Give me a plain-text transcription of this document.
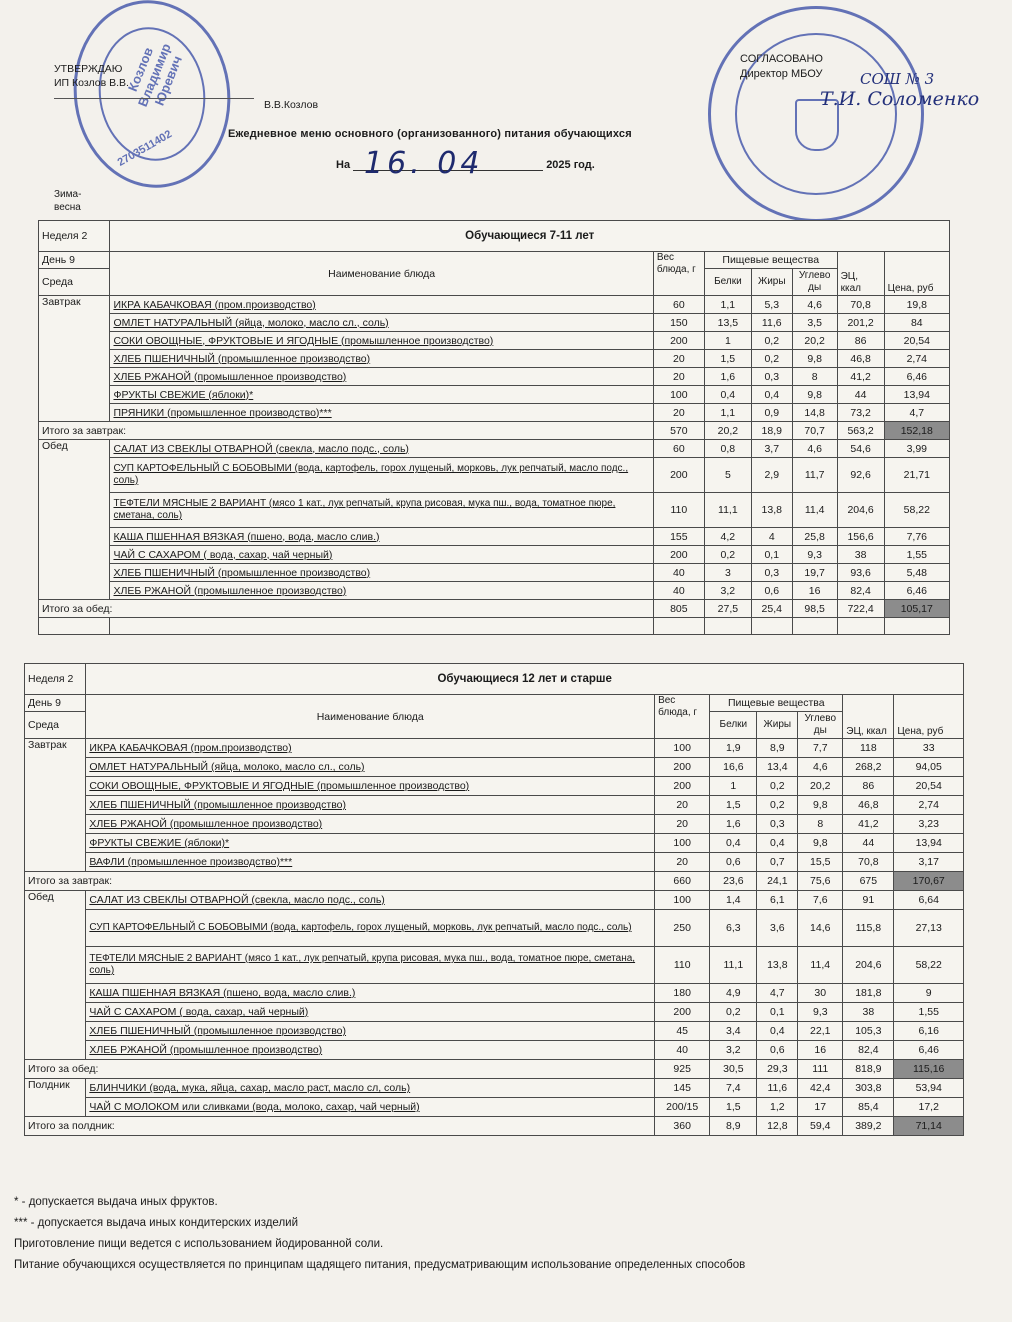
Козлов Владимир Юревич
270351140​2
УТВЕРЖДАЮ
ИП Козлов В.В.
В.В.Козлов
СОГЛАСОВАНО
Директор МБОУ СОШ № 3
Т.И. Соломенко
Ежедневное меню основного (организованного) питания обучающихся
На	2025 год.
16. 04
Зима-
весна
Неделя 2	Обучающиеся 7-11 лет						
День 9	Наименование блюда	Вес блюда, г	Пищевые вещества			ЭЦ, ккал	Цена, руб
Среда			Белки	Жиры	Углево ды		
Завтрак	ИКРА КАБАЧКОВАЯ (пром.производство)	60	1,1	5,3	4,6	70,8	19,8
	ОМЛЕТ НАТУРАЛЬНЫЙ (яйца, молоко, масло сл., соль)	150	13,5	11,6	3,5	201,2	84
	СОКИ ОВОЩНЫЕ, ФРУКТОВЫЕ И ЯГОДНЫЕ (промышленное производство)	200	1	0,2	20,2	86	20,54
	ХЛЕБ ПШЕНИЧНЫЙ (промышленное производство)	20	1,5	0,2	9,8	46,8	2,74
	ХЛЕБ РЖАНОЙ (промышленное производство)	20	1,6	0,3	8	41,2	6,46
	ФРУКТЫ СВЕЖИЕ (яблоки)*	100	0,4	0,4	9,8	44	13,94
	ПРЯНИКИ (промышленное производство)***	20	1,1	0,9	14,8	73,2	4,7
Итого за завтрак:		570	20,2	18,9	70,7	563,2	152,18
Обед	САЛАТ ИЗ СВЕКЛЫ ОТВАРНОЙ (свекла, масло подс., соль)	60	0,8	3,7	4,6	54,6	3,99
	СУП КАРТОФЕЛЬНЫЙ С БОБОВЫМИ (вода, картофель, горох лущеный, морковь, лук репчатый, масло подс., соль)	200	5	2,9	11,7	92,6	21,71
	ТЕФТЕЛИ МЯСНЫЕ 2 ВАРИАНТ (мясо 1 кат., лук репчатый, крупа рисовая, мука пш., вода, томатное пюре, сметана, соль)	110	11,1	13,8	11,4	204,6	58,22
	КАША ПШЕННАЯ ВЯЗКАЯ (пшено, вода, масло слив.)	155	4,2	4	25,8	156,6	7,76
	ЧАЙ С САХАРОМ ( вода, сахар, чай черный)	200	0,2	0,1	9,3	38	1,55
	ХЛЕБ ПШЕНИЧНЫЙ (промышленное производство)	40	3	0,3	19,7	93,6	5,48
	ХЛЕБ РЖАНОЙ (промышленное производство)	40	3,2	0,6	16	82,4	6,46
Итого за обед:		805	27,5	25,4	98,5	722,4	105,17

Неделя 2	Обучающиеся 12 лет и старше						
День 9	Наименование блюда	Вес блюда, г	Пищевые вещества			ЭЦ, ккал	Цена, руб
Среда			Белки	Жиры	Углево ды		
Завтрак	ИКРА КАБАЧКОВАЯ (пром.производство)	100	1,9	8,9	7,7	118	33
	ОМЛЕТ НАТУРАЛЬНЫЙ (яйца, молоко, масло сл., соль)	200	16,6	13,4	4,6	268,2	94,05
	СОКИ ОВОЩНЫЕ, ФРУКТОВЫЕ И ЯГОДНЫЕ (промышленное производство)	200	1	0,2	20,2	86	20,54
	ХЛЕБ ПШЕНИЧНЫЙ (промышленное производство)	20	1,5	0,2	9,8	46,8	2,74
	ХЛЕБ РЖАНОЙ (промышленное производство)	20	1,6	0,3	8	41,2	3,23
	ФРУКТЫ СВЕЖИЕ (яблоки)*	100	0,4	0,4	9,8	44	13,94
	ВАФЛИ (промышленное производство)***	20	0,6	0,7	15,5	70,8	3,17
Итого за завтрак:		660	23,6	24,1	75,6	675	170,67
Обед	САЛАТ ИЗ СВЕКЛЫ ОТВАРНОЙ (свекла, масло подс., соль)	100	1,4	6,1	7,6	91	6,64
	СУП КАРТОФЕЛЬНЫЙ С БОБОВЫМИ (вода, картофель, горох лущеный, морковь, лук репчатый, масло подс., соль)	250	6,3	3,6	14,6	115,8	27,13
	ТЕФТЕЛИ МЯСНЫЕ 2 ВАРИАНТ (мясо 1 кат., лук репчатый, крупа рисовая, мука пш., вода, томатное пюре, сметана, соль)	110	11,1	13,8	11,4	204,6	58,22
	КАША ПШЕННАЯ ВЯЗКАЯ (пшено, вода, масло слив.)	180	4,9	4,7	30	181,8	9
	ЧАЙ С САХАРОМ ( вода, сахар, чай черный)	200	0,2	0,1	9,3	38	1,55
	ХЛЕБ ПШЕНИЧНЫЙ (промышленное производство)	45	3,4	0,4	22,1	105,3	6,16
	ХЛЕБ РЖАНОЙ (промышленное производство)	40	3,2	0,6	16	82,4	6,46
Итого за обед:		925	30,5	29,3	111	818,9	115,16
Полдник	БЛИНЧИКИ (вода, мука, яйца, сахар, масло раст, масло сл, соль)	145	7,4	11,6	42,4	303,8	53,94
	ЧАЙ С МОЛОКОМ или сливками (вода, молоко, сахар, чай черный)	200/15	1,5	1,2	17	85,4	17,2
Итого за полдник:		360	8,9	12,8	59,4	389,2	71,14
* - допускается выдача иных фруктов.
*** - допускается выдача иных кондитерских изделий
Приготовление пищи ведется с использованием йодированной соли.
Питание обучающихся осуществляется по принципам щадящего питания, предусматривающим использование определенных способов
